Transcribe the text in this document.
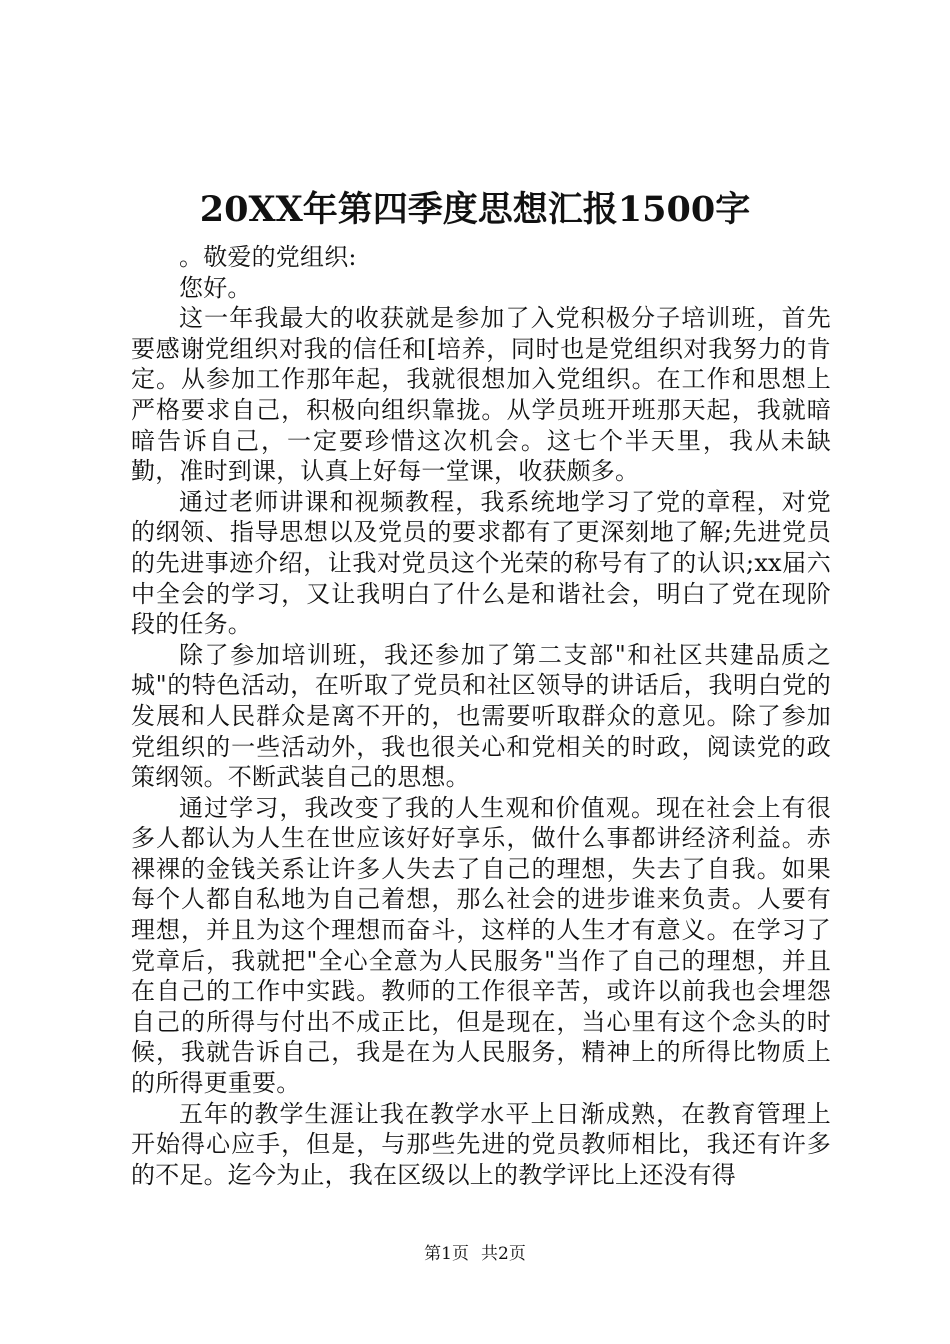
20XX年第四季度思想汇报1500字

。敬爱的党组织:

您好。

这一年我最大的收获就是参加了入党积极分子培训班，首先要感谢党组织对我的信任和[培养，同时也是党组织对我努力的肯定。从参加工作那年起，我就很想加入党组织。在工作和思想上严格要求自己，积极向组织靠拢。从学员班开班那天起，我就暗暗告诉自己，一定要珍惜这次机会。这七个半天里，我从未缺勤，准时到课，认真上好每一堂课，收获颇多。

通过老师讲课和视频教程，我系统地学习了党的章程，对党的纲领、指导思想以及党员的要求都有了更深刻地了解;先进党员的先进事迹介绍，让我对党员这个光荣的称号有了的认识;xx届六中全会的学习，又让我明白了什么是和谐社会，明白了党在现阶段的任务。

除了参加培训班，我还参加了第二支部"和社区共建品质之城"的特色活动，在听取了党员和社区领导的讲话后，我明白党的发展和人民群众是离不开的，也需要听取群众的意见。除了参加党组织的一些活动外，我也很关心和党相关的时政，阅读党的政策纲领。不断武装自己的思想。

通过学习，我改变了我的人生观和价值观。现在社会上有很多人都认为人生在世应该好好享乐，做什么事都讲经济利益。赤裸裸的金钱关系让许多人失去了自己的理想，失去了自我。如果每个人都自私地为自己着想，那么社会的进步谁来负责。人要有理想，并且为这个理想而奋斗，这样的人生才有意义。在学习了党章后，我就把"全心全意为人民服务"当作了自己的理想，并且在自己的工作中实践。教师的工作很辛苦，或许以前我也会埋怨自己的所得与付出不成正比，但是现在，当心里有这个念头的时候，我就告诉自己，我是在为人民服务，精神上的所得比物质上的所得更重要。

五年的教学生涯让我在教学水平上日渐成熟，在教育管理上开始得心应手，但是，与那些先进的党员教师相比，我还有许多的不足。迄今为止，我在区级以上的教学评比上还没有得

第1页 共2页
